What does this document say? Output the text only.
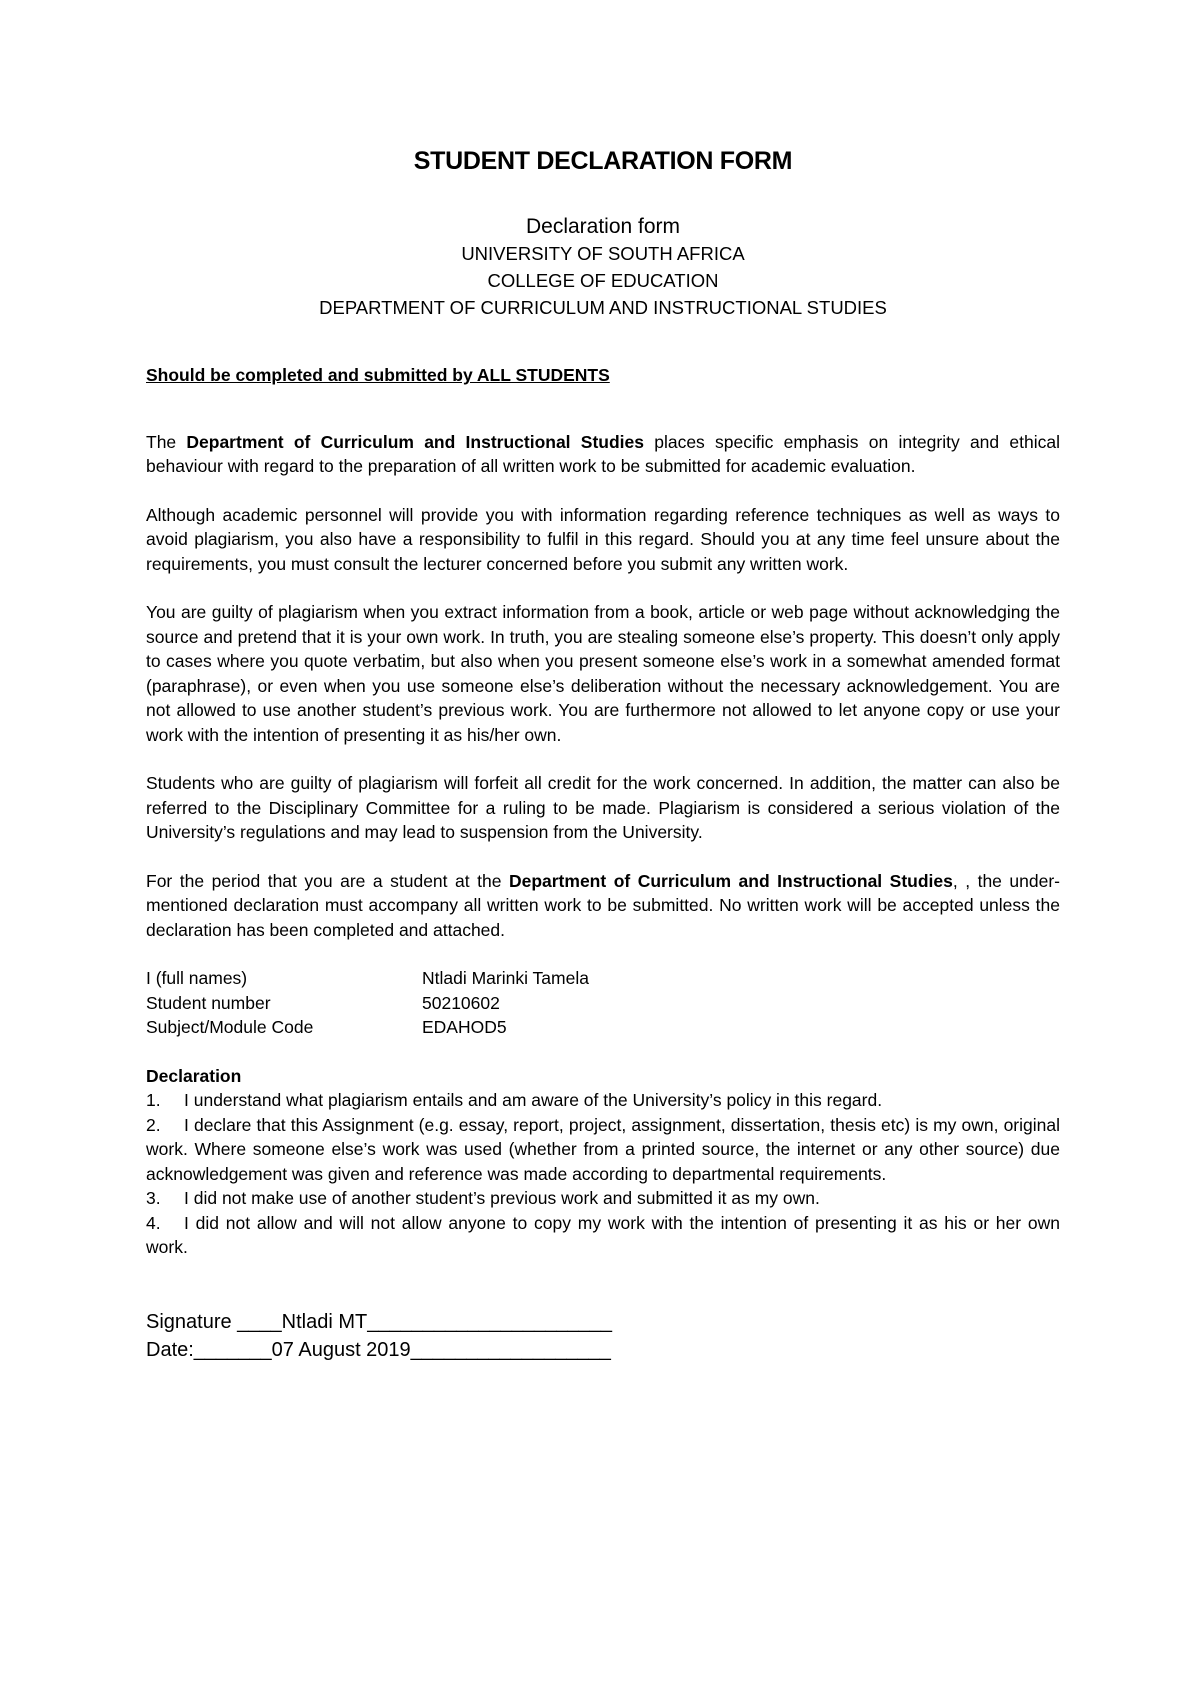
STUDENT DECLARATION FORM
Declaration form
UNIVERSITY OF SOUTH AFRICA
COLLEGE OF EDUCATION
DEPARTMENT OF CURRICULUM AND INSTRUCTIONAL STUDIES
Should be completed and submitted by ALL STUDENTS

The Department of Curriculum and Instructional Studies places specific emphasis on integrity and ethical behaviour with regard to the preparation of all written work to be submitted for academic evaluation.

Although academic personnel will provide you with information regarding reference techniques as well as ways to avoid plagiarism, you also have a responsibility to fulfil in this regard. Should you at any time feel unsure about the requirements, you must consult the lecturer concerned before you submit any written work.

You are guilty of plagiarism when you extract information from a book, article or web page without acknowledging the source and pretend that it is your own work. In truth, you are stealing someone else’s property. This doesn’t only apply to cases where you quote verbatim, but also when you present someone else’s work in a somewhat amended format (paraphrase), or even when you use someone else’s deliberation without the necessary acknowledgement. You are not allowed to use another student’s previous work. You are furthermore not allowed to let anyone copy or use your work with the intention of presenting it as his/her own.

Students who are guilty of plagiarism will forfeit all credit for the work concerned. In addition, the matter can also be referred to the Disciplinary Committee for a ruling to be made. Plagiarism is considered a serious violation of the University’s regulations and may lead to suspension from the University.

For the period that you are a student at the Department of Curriculum and Instructional Studies, , the under-mentioned declaration must accompany all written work to be submitted. No written work will be accepted unless the declaration has been completed and attached.

I (full names)	Ntladi Marinki Tamela
Student number	50210602
Subject/Module Code	EDAHOD5
Declaration
1. I understand what plagiarism entails and am aware of the University’s policy in this regard.
2. I declare that this Assignment (e.g. essay, report, project, assignment, dissertation, thesis etc) is my own, original work. Where someone else’s work was used (whether from a printed source, the internet or any other source) due acknowledgement was given and reference was made according to departmental requirements.
3. I did not make use of another student’s previous work and submitted it as my own.
4. I did not allow and will not allow anyone to copy my work with the intention of presenting it as his or her own work.
Signature ____Ntladi MT______________________
Date:_______07 August 2019__________________
